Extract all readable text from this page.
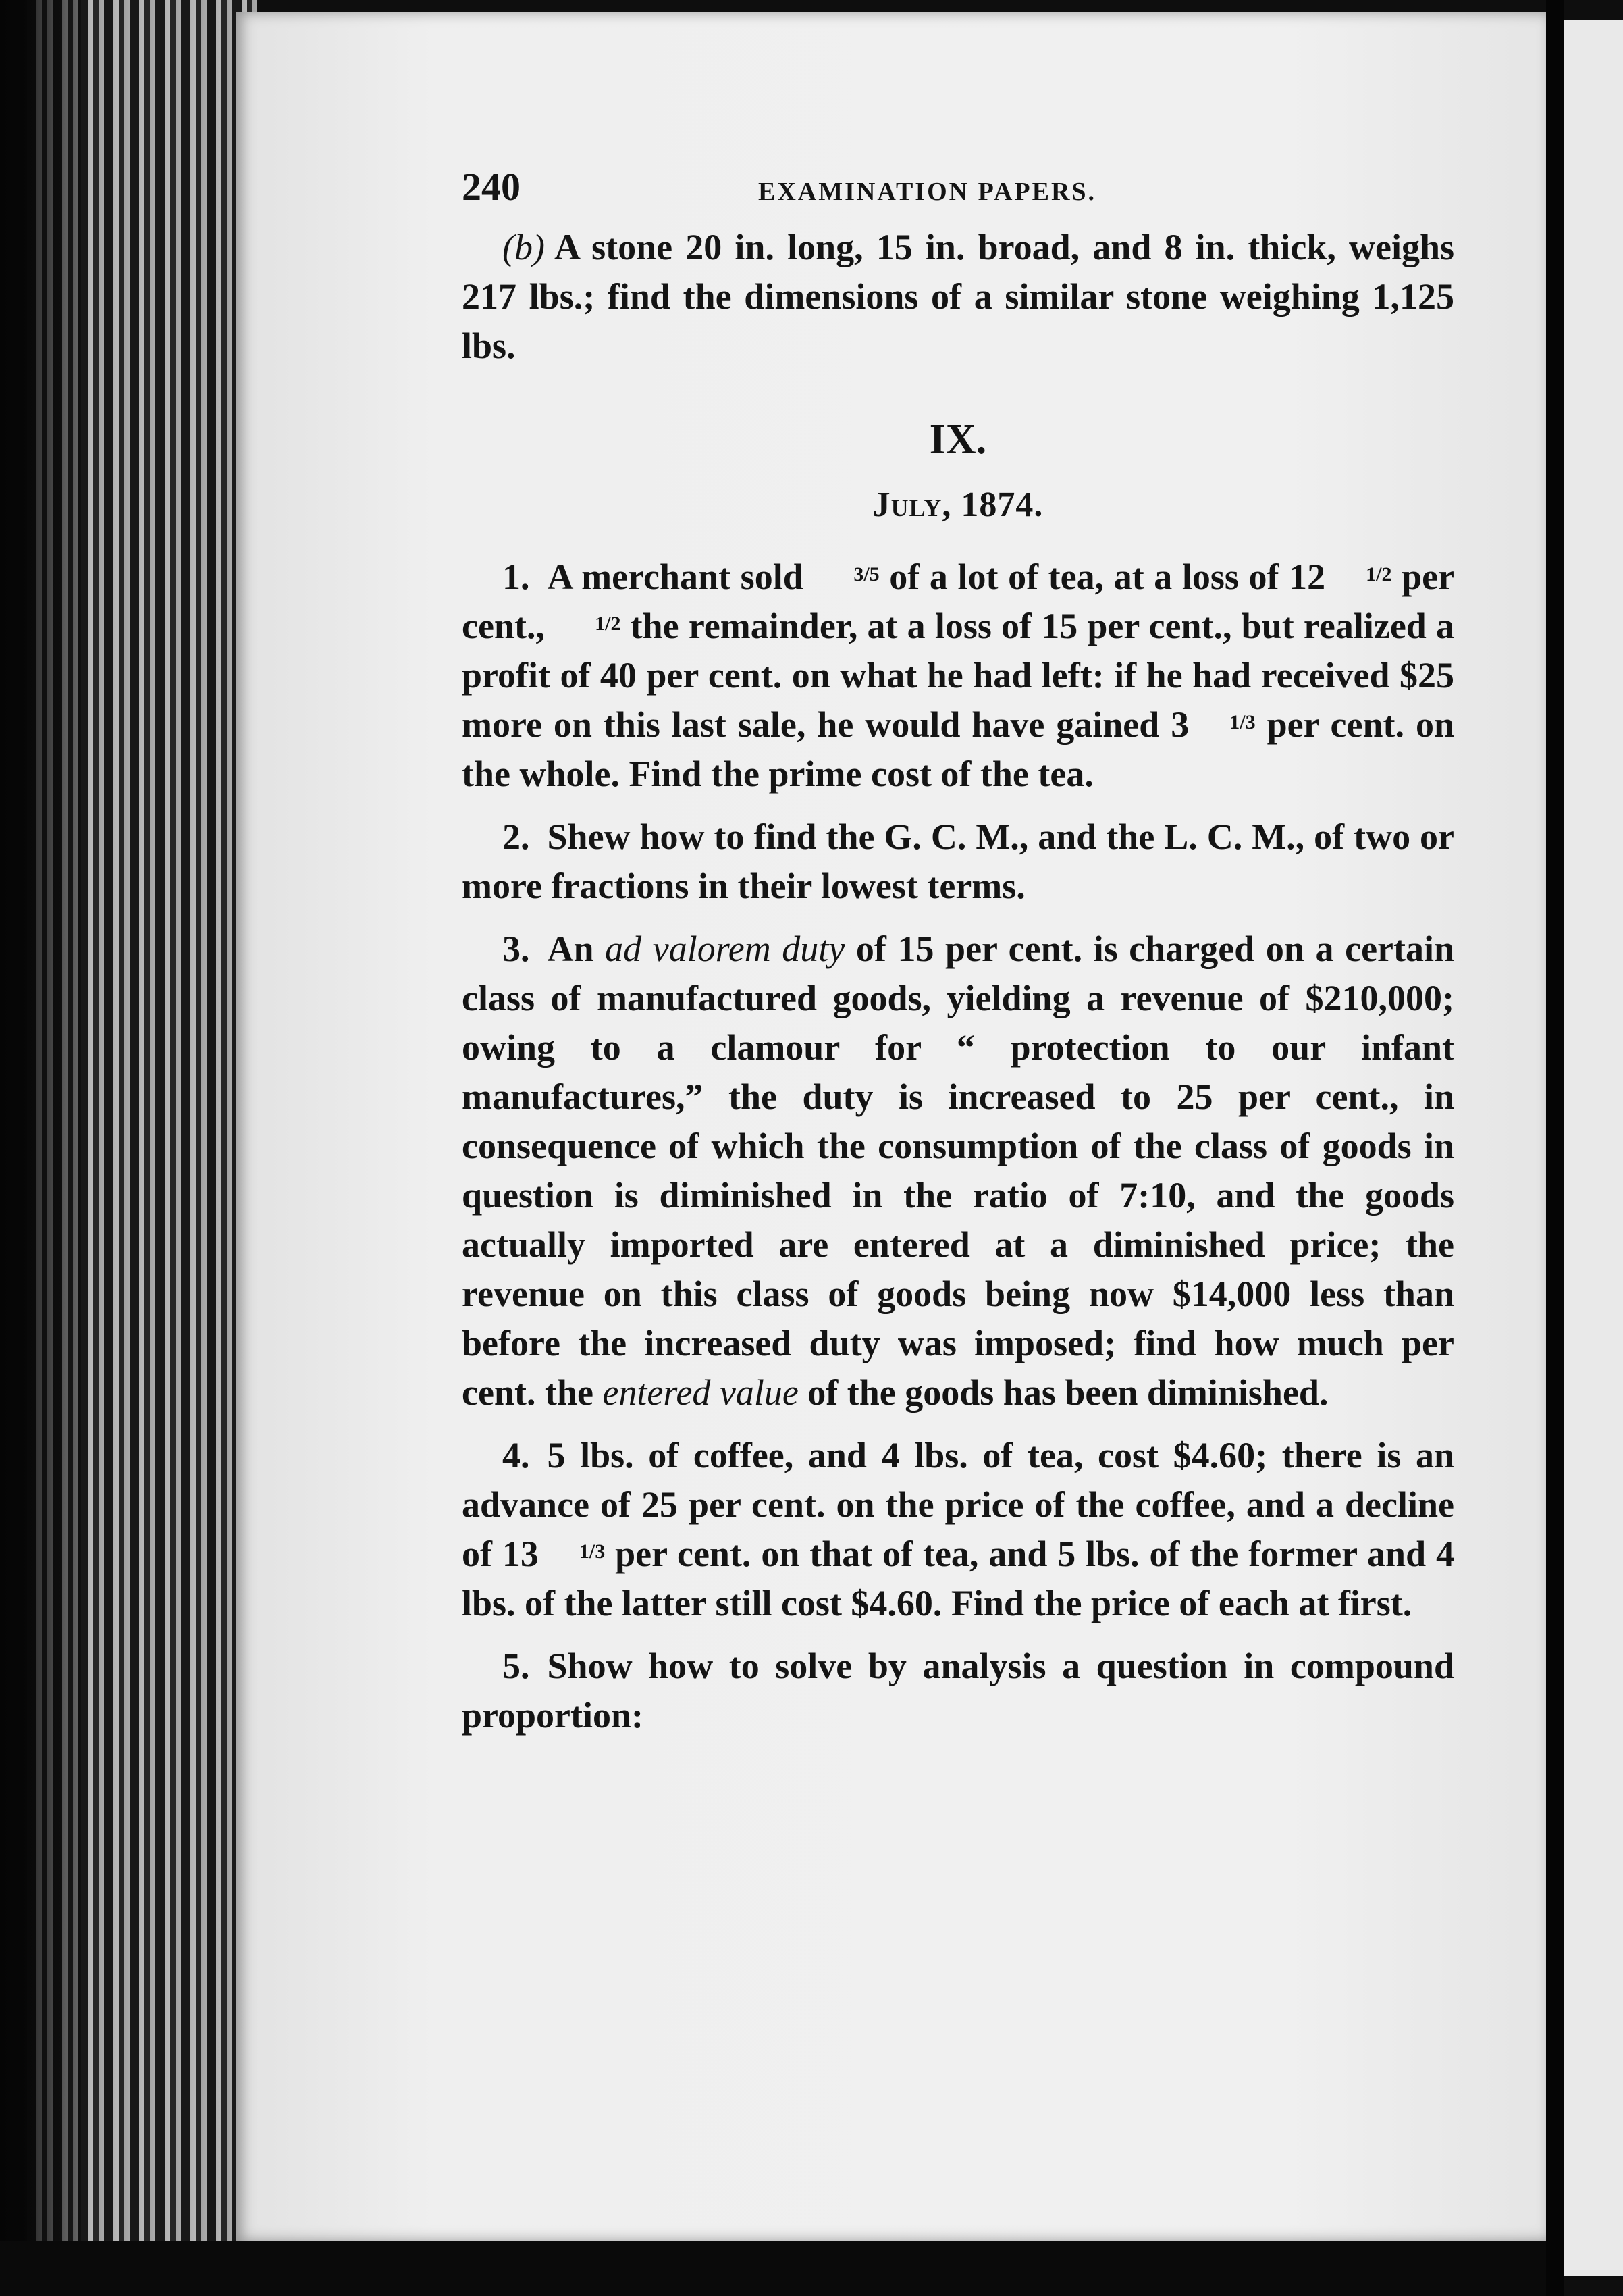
240	EXAMINATION PAPERS.

(b) A stone 20 in. long, 15 in. broad, and 8 in. thick, weighs 217 lbs.; find the dimensions of a similar stone weighing 1,125 lbs.

IX.
July, 1874.

1. A merchant sold 3/5 of a lot of tea, at a loss of 12 1/2 per cent., 1/2 the remainder, at a loss of 15 per cent., but realized a profit of 40 per cent. on what he had left: if he had received $25 more on this last sale, he would have gained 3 1/3 per cent. on the whole. Find the prime cost of the tea.

2. Shew how to find the G. C. M., and the L. C. M., of two or more fractions in their lowest terms.

3. An ad valorem duty of 15 per cent. is charged on a certain class of manufactured goods, yielding a revenue of $210,000; owing to a clamour for “ protection to our infant manufactures,” the duty is increased to 25 per cent., in consequence of which the consumption of the class of goods in question is diminished in the ratio of 7:10, and the goods actually imported are entered at a diminished price; the revenue on this class of goods being now $14,000 less than before the increased duty was imposed; find how much per cent. the entered value of the goods has been diminished.

4. 5 lbs. of coffee, and 4 lbs. of tea, cost $4.60; there is an advance of 25 per cent. on the price of the coffee, and a decline of 13 1/3 per cent. on that of tea, and 5 lbs. of the former and 4 lbs. of the latter still cost $4.60. Find the price of each at first.

5. Show how to solve by analysis a question in compound proportion:
